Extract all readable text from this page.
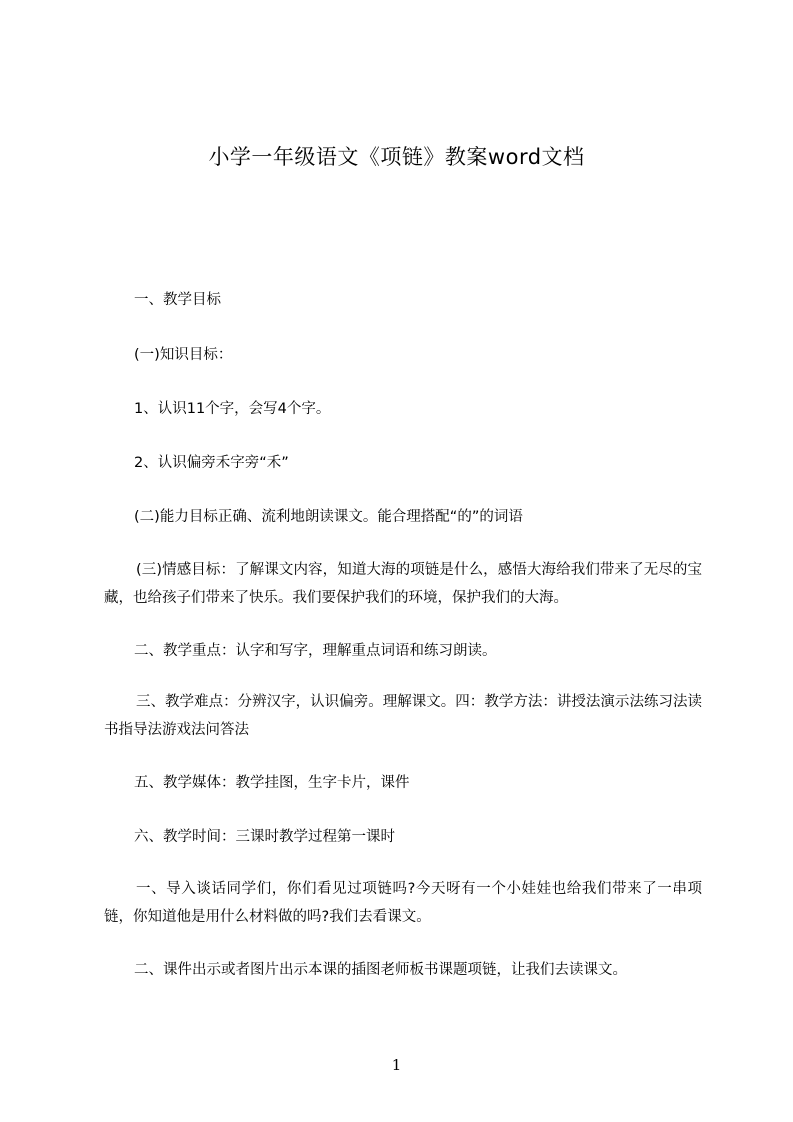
小学一年级语文《项链》教案word文档

一、教学目标

(一)知识目标：

1、认识11个字，会写4个字。

2、认识偏旁禾字旁“禾”

(二)能力目标正确、流利地朗读课文。能合理搭配“的”的词语

(三)情感目标：了解课文内容，知道大海的项链是什么，感悟大海给我们带来了无尽的宝藏，也给孩子们带来了快乐。我们要保护我们的环境，保护我们的大海。

二、教学重点：认字和写字，理解重点词语和练习朗读。

三、教学难点：分辨汉字，认识偏旁。理解课文。四：教学方法：讲授法演示法练习法读书指导法游戏法问答法

五、教学媒体：教学挂图，生字卡片，课件

六、教学时间：三课时教学过程第一课时

一、导入谈话同学们，你们看见过项链吗?今天呀有一个小娃娃也给我们带来了一串项链，你知道他是用什么材料做的吗?我们去看课文。

二、课件出示或者图片出示本课的插图老师板书课题项链，让我们去读课文。

1
